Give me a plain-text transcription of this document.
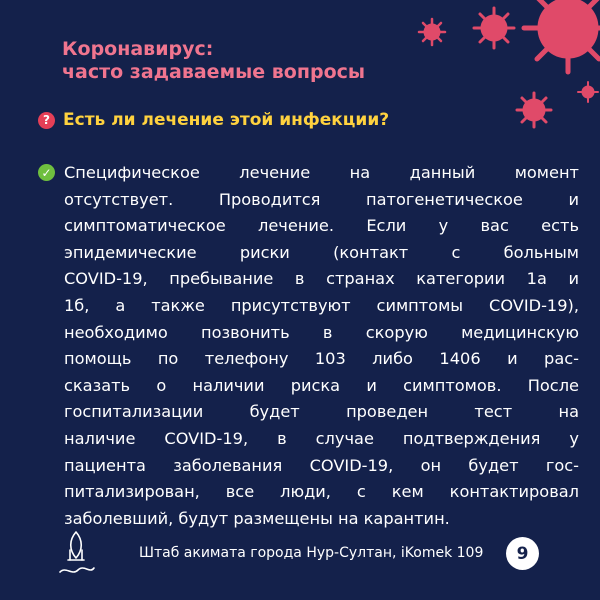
Коронавирус:
часто задаваемые вопросы
? Есть ли лечение этой инфекции?
✓ Специфическое лечение на данный момент
отсутствует. Проводится патогенетическое и
симптоматическое лечение. Если у вас есть
эпидемические риски (контакт с больным
COVID-19, пребывание в странах категории 1а и
1б, а также присутствуют симптомы COVID-19),
необходимо позвонить в скорую медицинскую
помощь по телефону 103 либо 1406 и рас-
сказать о наличии риска и симптомов. После
госпитализации будет проведен тест на
наличие COVID-19, в случае подтверждения у
пациента заболевания COVID-19, он будет гос-
питализирован, все люди, с кем контактировал
заболевший, будут размещены на карантин.
Штаб акимата города Нур-Султан, iKomek 109	9
